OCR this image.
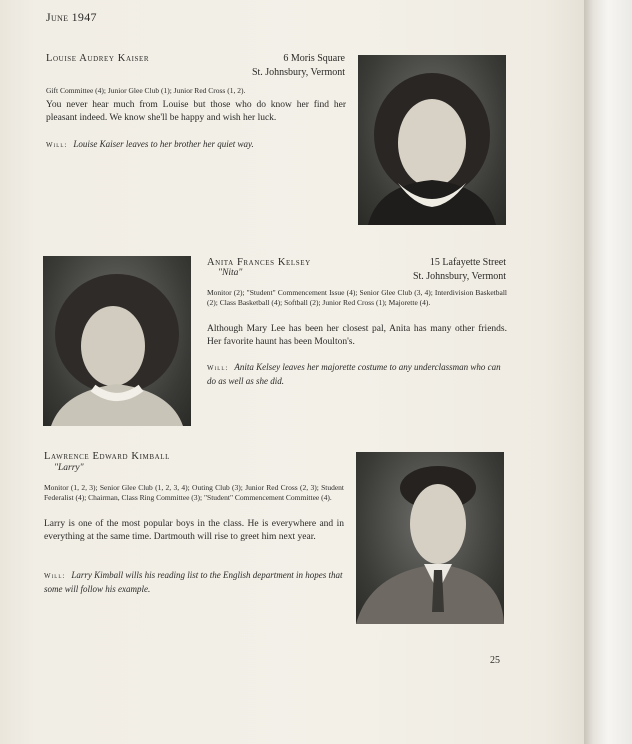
June 1947
Louise Audrey Kaiser	6 Moris Square
St. Johnsbury, Vermont
Gift Committee (4); Junior Glee Club (1); Junior Red Cross (1, 2).
You never hear much from Louise but those who do know her find her pleasant indeed. We know she'll be happy and wish her luck.
Will: Louise Kaiser leaves to her brother her quiet way.
Anita Frances Kelsey
"Nita"
15 Lafayette Street
St. Johnsbury, Vermont
Monitor (2); "Student" Commencement Issue (4); Senior Glee Club (3, 4); Interdivision Basketball (2); Class Basketball (4); Softball (2); Junior Red Cross (1); Majorette (4).
Although Mary Lee has been her closest pal, Anita has many other friends. Her favorite haunt has been Moulton's.
Will: Anita Kelsey leaves her majorette costume to any underclassman who can do as well as she did.
Lawrence Edward Kimball
"Larry"
Monitor (1, 2, 3); Senior Glee Club (1, 2, 3, 4); Outing Club (3); Junior Red Cross (2, 3); Student Federalist (4); Chairman, Class Ring Committee (3); "Student" Commencement Committee (4).
Larry is one of the most popular boys in the class. He is everywhere and in everything at the same time. Dartmouth will rise to greet him next year.
Will: Larry Kimball wills his reading list to the English department in hopes that some will follow his example.
25
